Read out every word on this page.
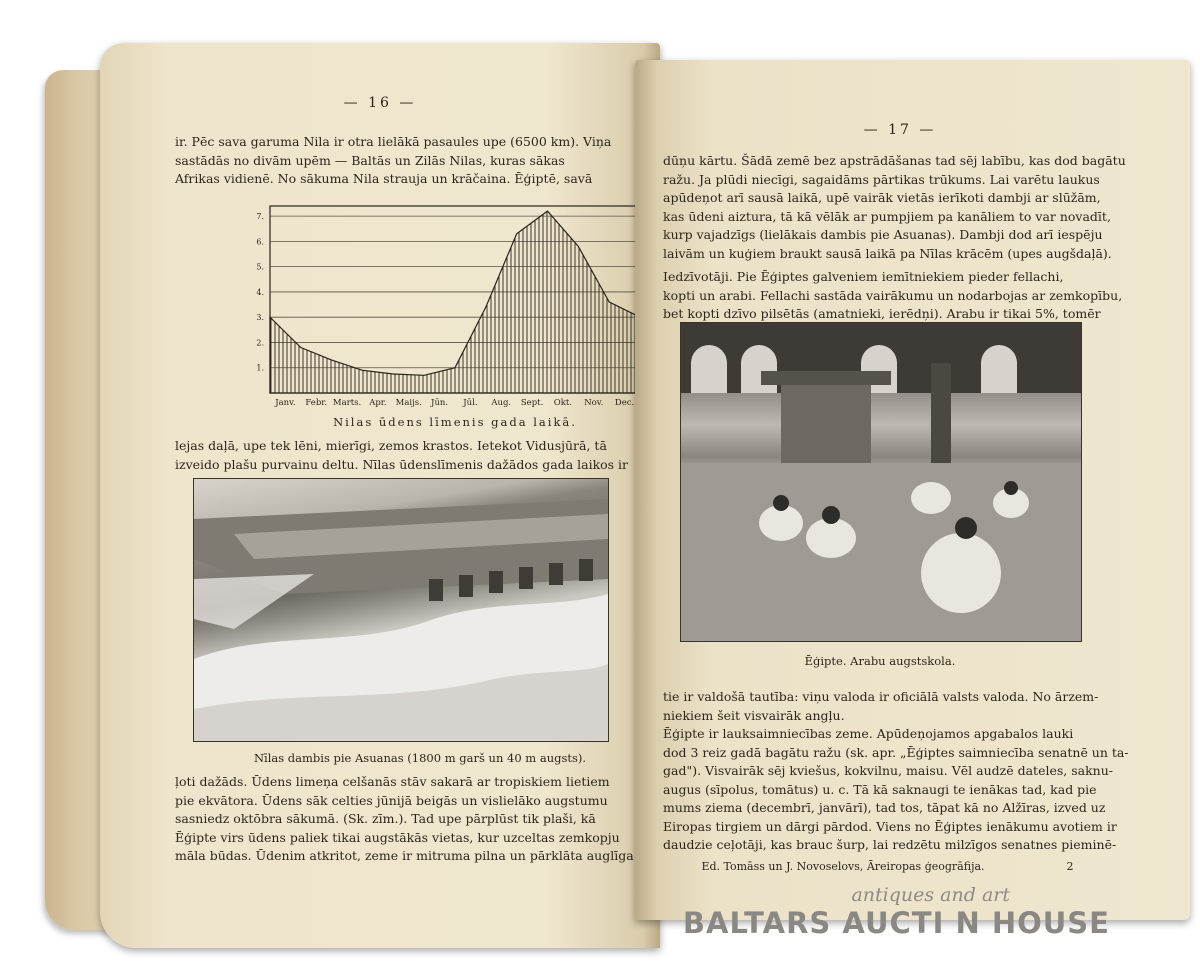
— 16 —

ir. Pēc sava garuma Nila ir otra lielākā pasaules upe (6500 km). Viņa

sastādās no divām upēm — Baltās un Zilās Nilas, kuras sākas

Afrikas vidienē. No sākuma Nila strauja un krāčaina. Ēģiptē, savā

1.
2.
3.
4.
5.
6.
7.
Janv. Febr. Marts. Apr. Maijs. Jūn. Jūl. Aug. Sept. Okt. Nov. Dec.
Nilas ūdens līmenis gada laikā.

lejas daļā, upe tek lēni, mierīgi, zemos krastos. Ietekot Vidusjūrā, tā

izveido plašu purvainu deltu. Nīlas ūdenslīmenis dažādos gada laikos ir

Nīlas dambis pie Asuanas (1800 m garš un 40 m augsts).

ļoti dažāds. Ūdens limeņa celšanās stāv sakarā ar tropiskiem lietiem

pie ekvātora. Ūdens sāk celties jūnijā beigās un vislielāko augstumu

sasniedz oktōbra sākumā. (Sk. zīm.). Tad upe pārplūst tik plaši, kā

Ēģipte virs ūdens paliek tikai augstākās vietas, kur uzceltas zemkopju

māla būdas. Ūdenim atkritot, zeme ir mitruma pilna un pārklāta auglīga

— 17 —

dūņu kārtu. Šādā zemē bez apstrādāšanas tad sēj labību, kas dod bagātu

ražu. Ja plūdi niecīgi, sagaidāms pārtikas trūkums. Lai varētu laukus

apūdeņot arī sausā laikā, upē vairāk vietās ierīkoti dambji ar slūžām,

kas ūdeni aiztura, tā kā vēlāk ar pumpjiem pa kanāliem to var novadīt,

kurp vajadzīgs (lielākais dambis pie Asuanas). Dambji dod arī iespēju

laivām un kuģiem braukt sausā laikā pa Nīlas krācēm (upes augšdaļā).

Iedzīvotāji. Pie Ēģiptes galveniem iemītniekiem pieder fellachi,

kopti un arabi. Fellachi sastāda vairākumu un nodarbojas ar zemkopību,

bet kopti dzīvo pilsētās (amatnieki, ierēdņi). Arabu ir tikai 5%, tomēr

Ēģipte. Arabu augstskola.

tie ir valdošā tautība: viņu valoda ir oficiālā valsts valoda. No ārzem-

niekiem šeit visvairāk angļu.

Ēģipte ir lauksaimniecības zeme. Apūdeņojamos apgabalos lauki

dod 3 reiz gadā bagātu ražu (sk. apr. „Ēģiptes saimniecība senatnē un ta-

gad"). Visvairāk sēj kviešus, kokvilnu, maisu. Vēl audzē dateles, saknu-

augus (sīpolus, tomātus) u. c. Tā kā saknaugi te ienākas tad, kad pie

mums ziema (decembrī, janvārī), tad tos, tāpat kā no Alžīras, izved uz

Eiropas tirgiem un dārgi pārdod. Viens no Ēģiptes ienākumu avotiem ir

daudzie ceļotāji, kas brauc šurp, lai redzētu milzīgos senatnes pieminē-

Ed. Tomāss un J. Novoselovs, Āreiropas ģeogrāfija.	2
antiques and art
BALTARS AUCTI N HOUSE
